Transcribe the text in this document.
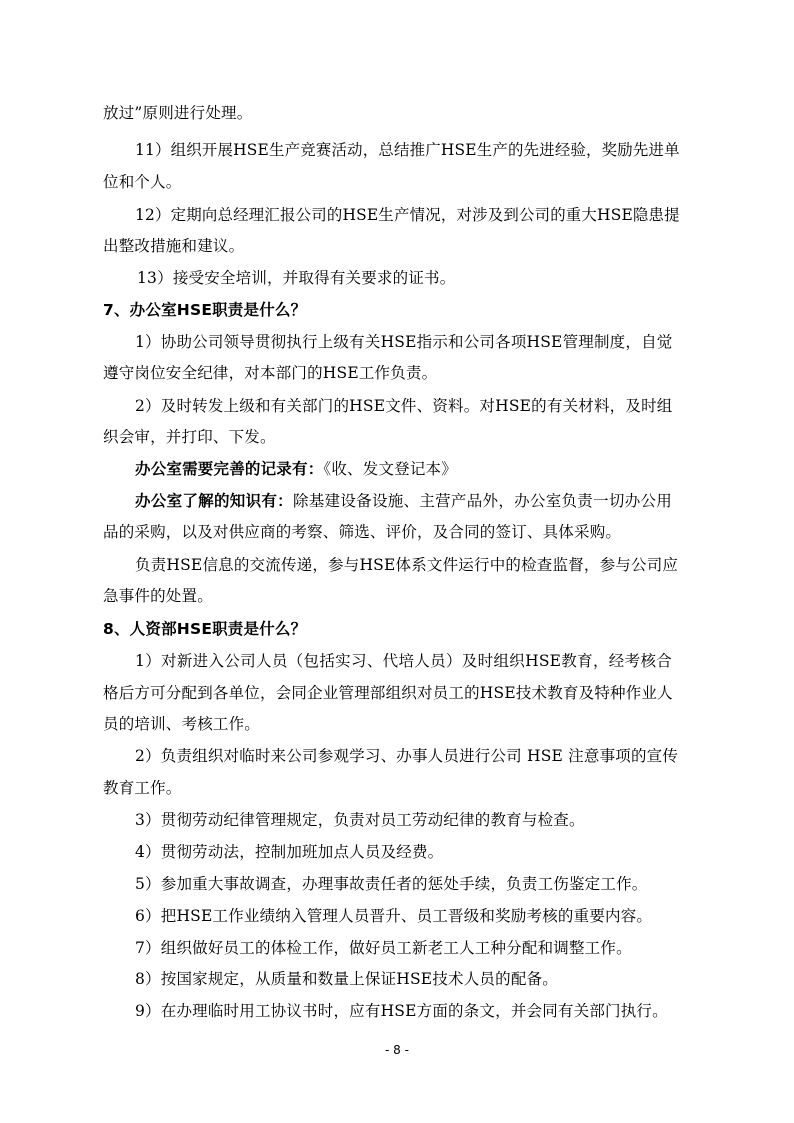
放过”原则进行处理。
11）组织开展HSE生产竞赛活动，总结推广HSE生产的先进经验，奖励先进单
位和个人。
12）定期向总经理汇报公司的HSE生产情况，对涉及到公司的重大HSE隐患提
出整改措施和建议。
13）接受安全培训，并取得有关要求的证书。
7、办公室HSE职责是什么？
1）协助公司领导贯彻执行上级有关HSE指示和公司各项HSE管理制度，自觉
遵守岗位安全纪律，对本部门的HSE工作负责。
2）及时转发上级和有关部门的HSE文件、资料。对HSE的有关材料，及时组
织会审，并打印、下发。
办公室需要完善的记录有：《收、发文登记本》
办公室了解的知识有：除基建设备设施、主营产品外，办公室负责一切办公用
品的采购，以及对供应商的考察、筛选、评价，及合同的签订、具体采购。
负责HSE信息的交流传递，参与HSE体系文件运行中的检查监督，参与公司应
急事件的处置。
8、人资部HSE职责是什么？
1）对新进入公司人员（包括实习、代培人员）及时组织HSE教育，经考核合
格后方可分配到各单位，会同企业管理部组织对员工的HSE技术教育及特种作业人
员的培训、考核工作。
2）负责组织对临时来公司参观学习、办事人员进行公司 HSE 注意事项的宣传
教育工作。
3）贯彻劳动纪律管理规定，负责对员工劳动纪律的教育与检查。
4）贯彻劳动法，控制加班加点人员及经费。
5）参加重大事故调查，办理事故责任者的惩处手续，负责工伤鉴定工作。
6）把HSE工作业绩纳入管理人员晋升、员工晋级和奖励考核的重要内容。
7）组织做好员工的体检工作，做好员工新老工人工种分配和调整工作。
8）按国家规定，从质量和数量上保证HSE技术人员的配备。
9）在办理临时用工协议书时，应有HSE方面的条文，并会同有关部门执行。
- 8 -
